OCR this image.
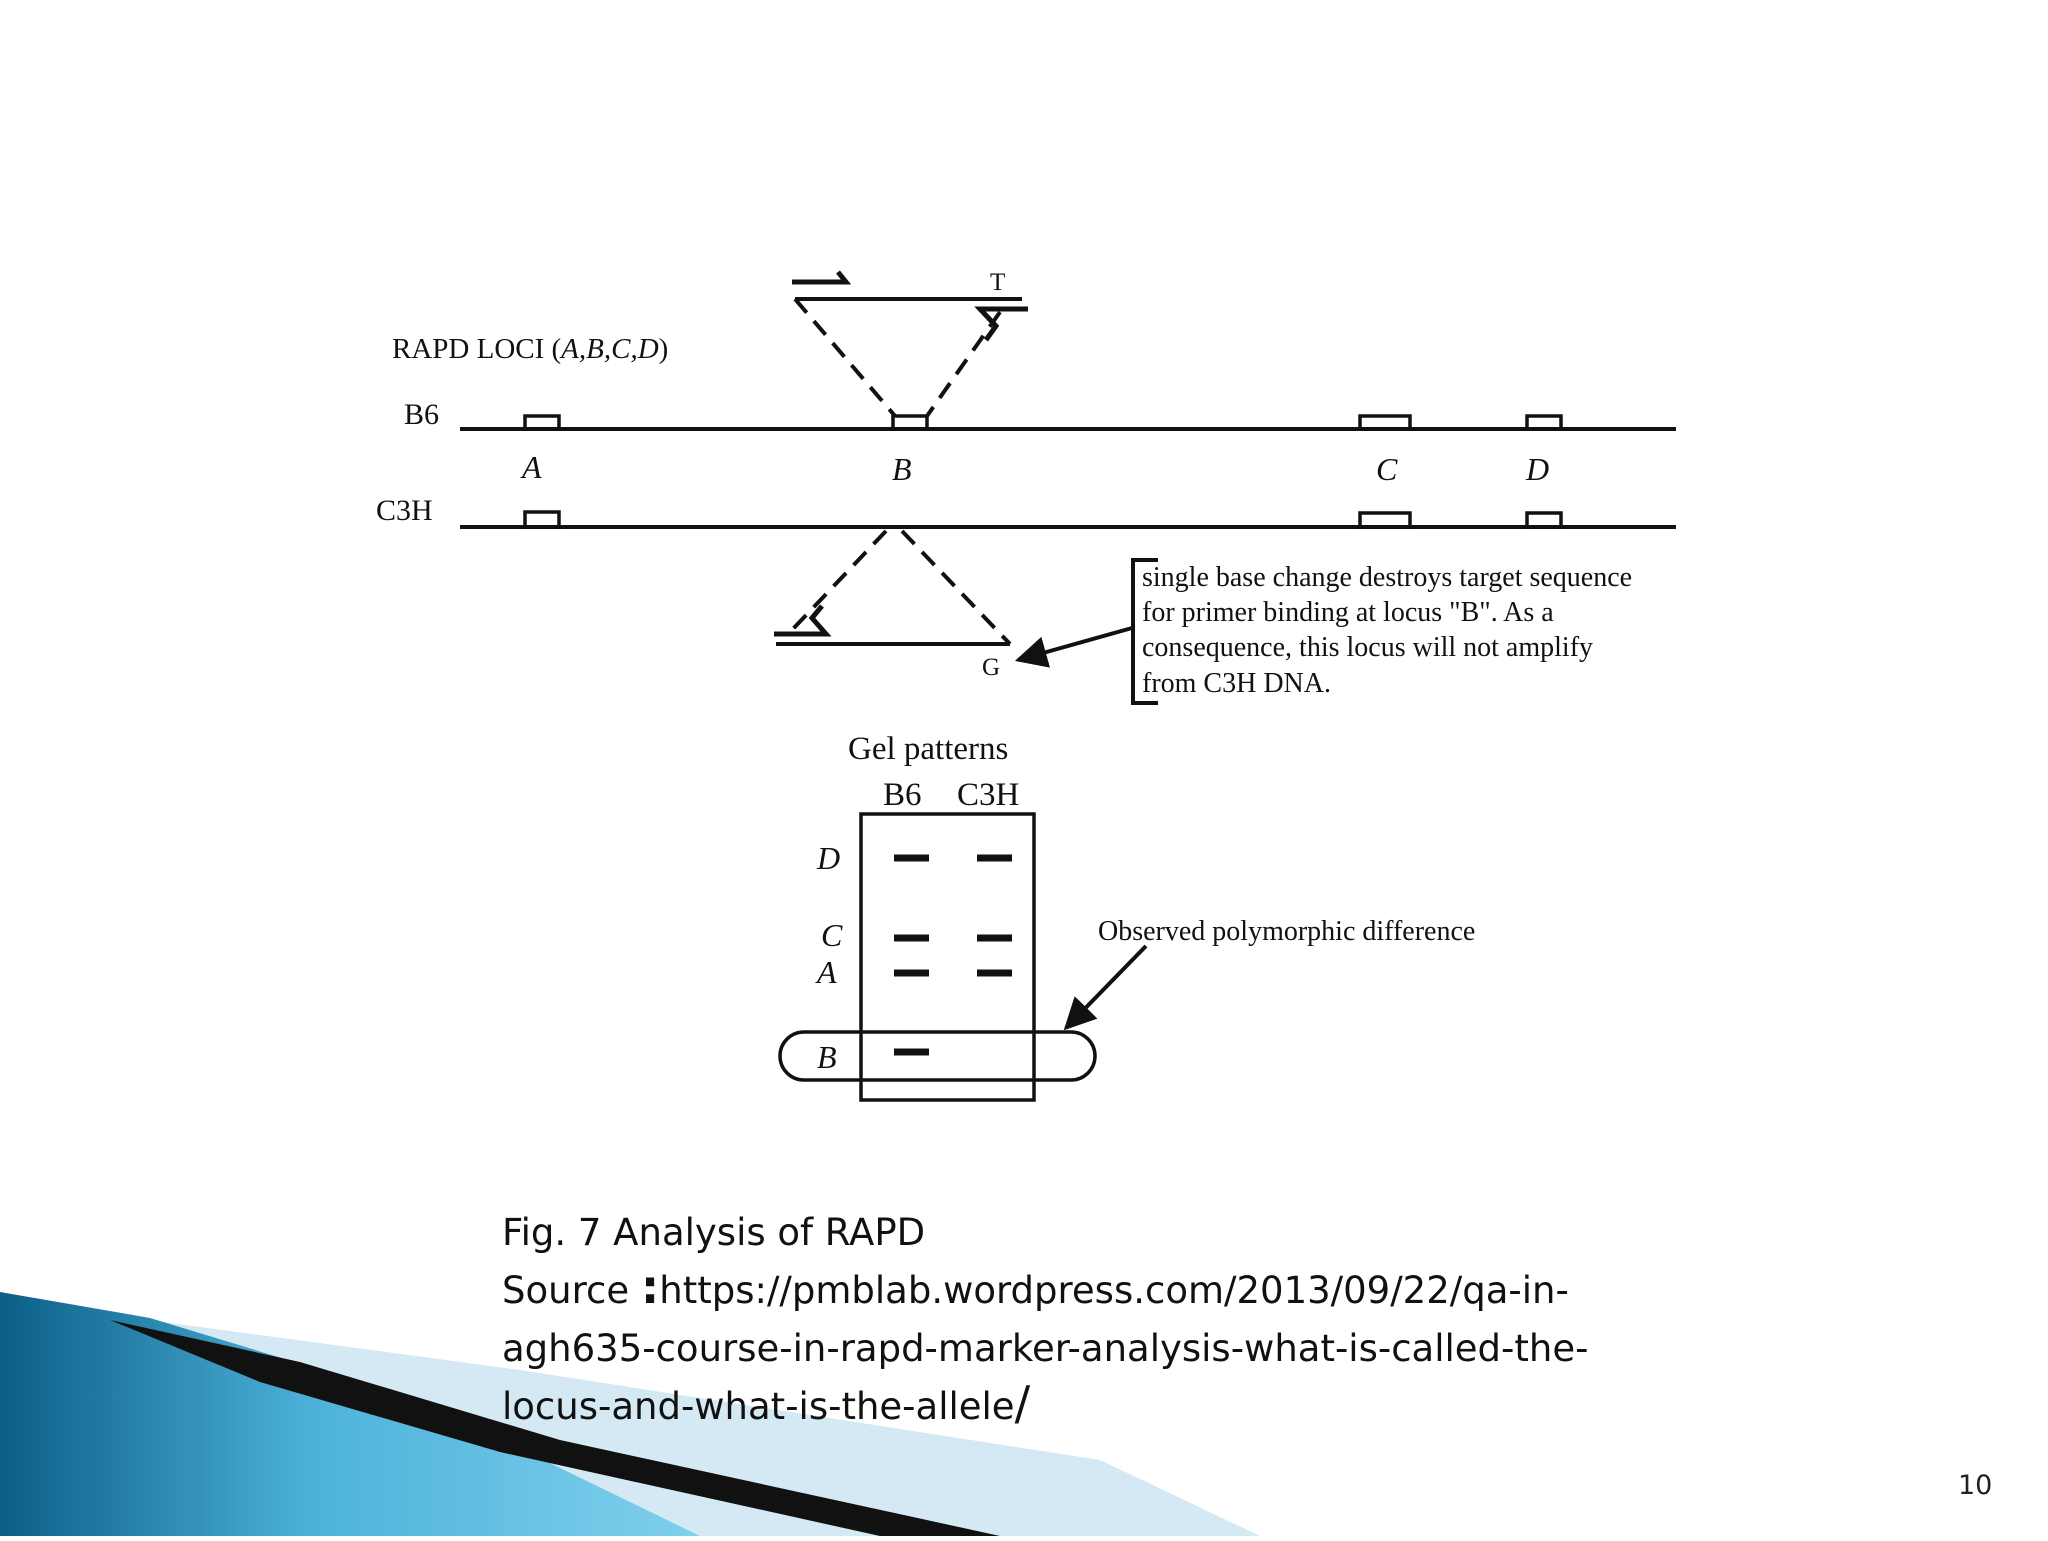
RAPD LOCI (A,B,C,D)
B6
A	B	C	D
C3H
T
G
single base change destroys target sequence for primer binding at locus "B". As a consequence, this locus will not amplify from C3H DNA.
Gel patterns
B6 C3H
D
C
A
B
Observed polymorphic difference
Fig. 7 Analysis of RAPD
Source :https://pmblab.wordpress.com/2013/09/22/qa-in-
agh635-course-in-rapd-marker-analysis-what-is-called-the-
locus-and-what-is-the-allele/
10
